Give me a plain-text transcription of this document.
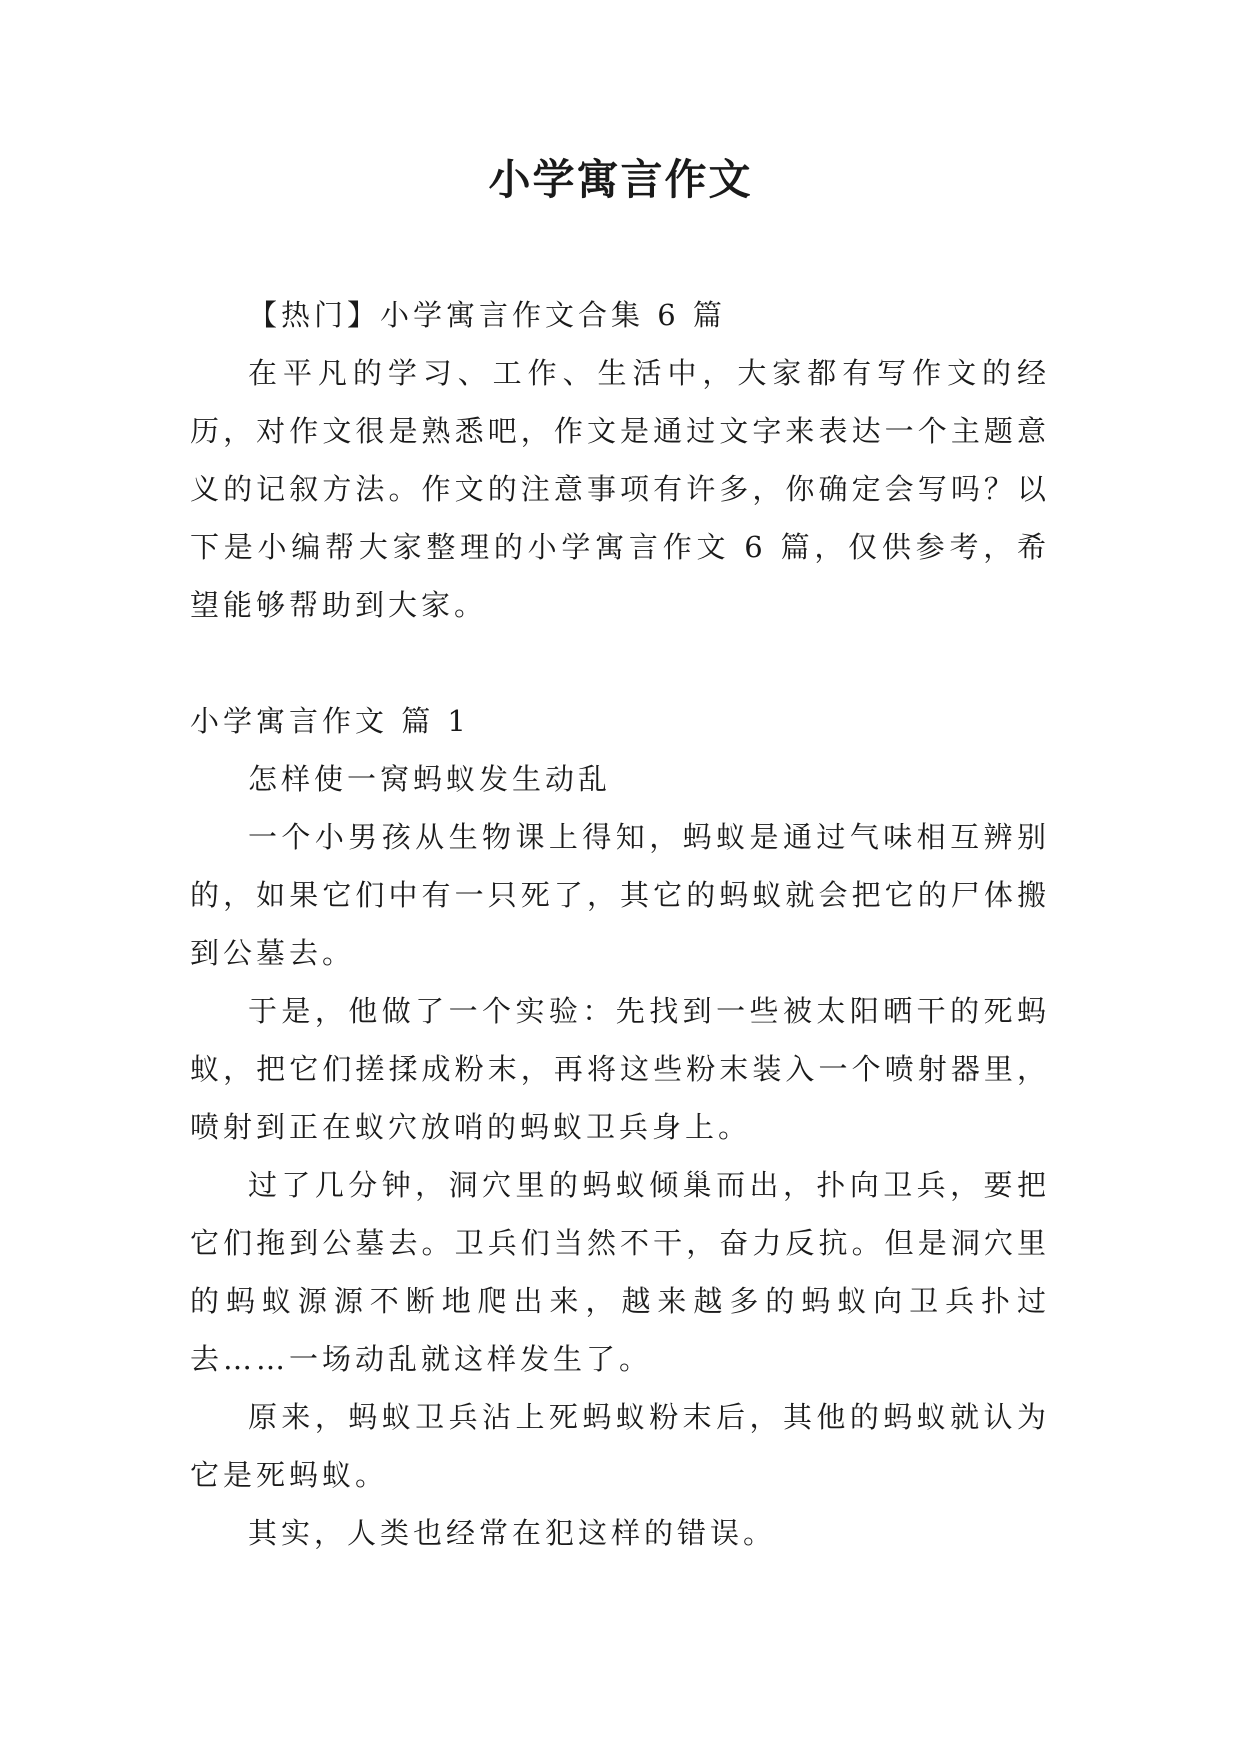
小学寓言作文

【热门】小学寓言作文合集 6 篇

在平凡的学习、工作、生活中，大家都有写作文的经历，对作文很是熟悉吧，作文是通过文字来表达一个主题意义的记叙方法。作文的注意事项有许多，你确定会写吗？以下是小编帮大家整理的小学寓言作文 6 篇，仅供参考，希望能够帮助到大家。

小学寓言作文 篇 1

怎样使一窝蚂蚁发生动乱

一个小男孩从生物课上得知，蚂蚁是通过气味相互辨别的，如果它们中有一只死了，其它的蚂蚁就会把它的尸体搬到公墓去。

于是，他做了一个实验：先找到一些被太阳晒干的死蚂蚁，把它们搓揉成粉末，再将这些粉末装入一个喷射器里，喷射到正在蚁穴放哨的蚂蚁卫兵身上。

过了几分钟，洞穴里的蚂蚁倾巢而出，扑向卫兵，要把它们拖到公墓去。卫兵们当然不干，奋力反抗。但是洞穴里的蚂蚁源源不断地爬出来，越来越多的蚂蚁向卫兵扑过去……一场动乱就这样发生了。

原来，蚂蚁卫兵沾上死蚂蚁粉末后，其他的蚂蚁就认为它是死蚂蚁。

其实，人类也经常在犯这样的错误。
